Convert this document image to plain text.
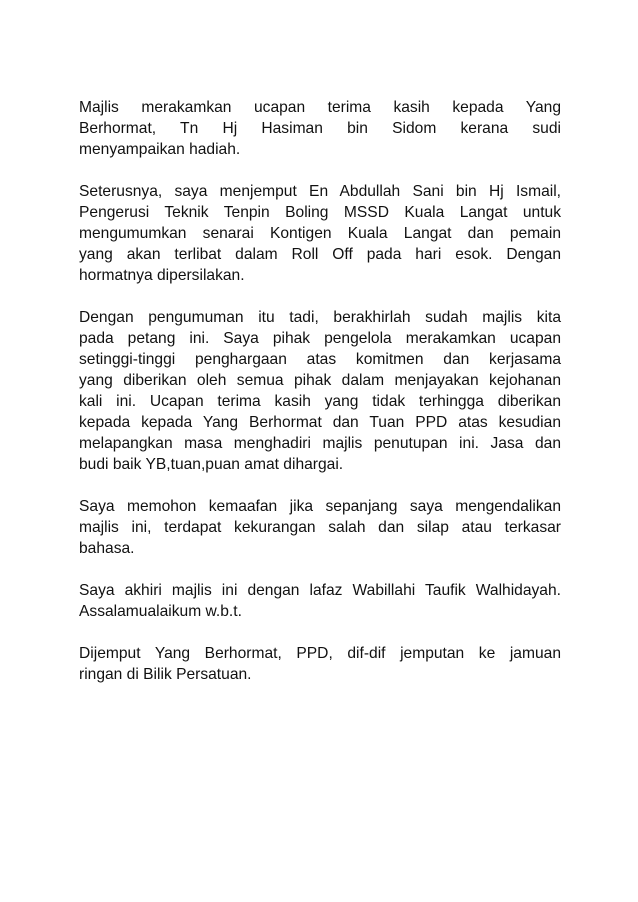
Majlis merakamkan ucapan terima kasih kepada Yang
Berhormat, Tn Hj Hasiman bin Sidom kerana sudi
menyampaikan hadiah.

Seterusnya, saya menjemput En Abdullah Sani bin Hj Ismail,
Pengerusi Teknik Tenpin Boling MSSD Kuala Langat untuk
mengumumkan senarai Kontigen Kuala Langat dan pemain
yang akan terlibat dalam Roll Off pada hari esok. Dengan
hormatnya dipersilakan.

Dengan pengumuman itu tadi, berakhirlah sudah majlis kita
pada petang ini. Saya pihak pengelola merakamkan ucapan
setinggi-tinggi penghargaan atas komitmen dan kerjasama
yang diberikan oleh semua pihak dalam menjayakan kejohanan
kali ini. Ucapan terima kasih yang tidak terhingga diberikan
kepada kepada Yang Berhormat dan Tuan PPD atas kesudian
melapangkan masa menghadiri majlis penutupan ini. Jasa dan
budi baik YB,tuan,puan amat dihargai.

Saya memohon kemaafan jika sepanjang saya mengendalikan
majlis ini, terdapat kekurangan salah dan silap atau terkasar
bahasa.

Saya akhiri majlis ini dengan lafaz Wabillahi Taufik Walhidayah.
Assalamualaikum w.b.t.

Dijemput Yang Berhormat, PPD, dif-dif jemputan ke jamuan
ringan di Bilik Persatuan.
